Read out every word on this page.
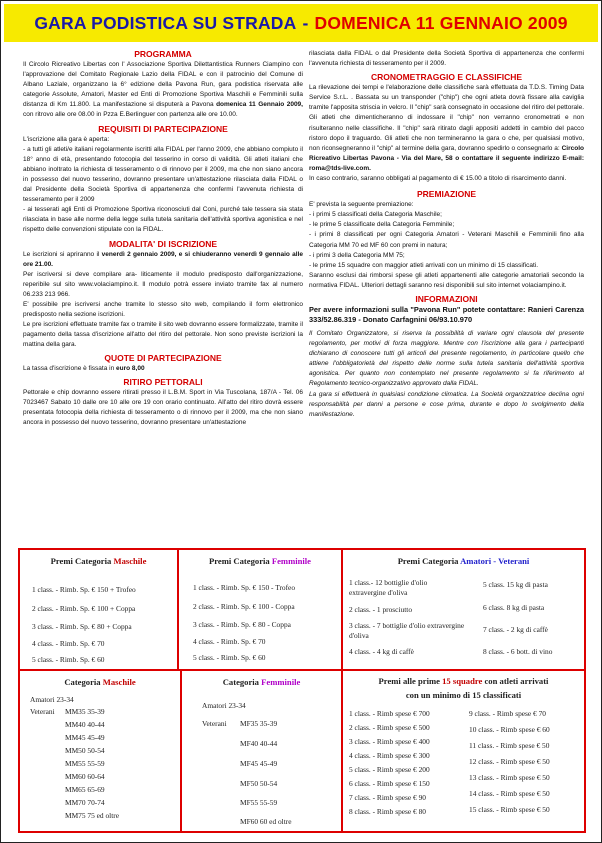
GARA PODISTICA SU STRADA - DOMENICA 11 GENNAIO 2009

PROGRAMMA

Il Circolo Ricreativo Libertas con l' Associazione Sportiva Dilettantistica Runners Ciampino con l'approvazione del Comitato Regionale Lazio della FIDAL e con il patrocinio del Comune di Albano Laziale, organizzano la 6° edizione della Pavona Run, gara podistica riservata alle categorie Assolute, Amatori, Master ed Enti di Promozione Sportiva Maschili e Femminili sulla distanza di Km 11.800. La manifestazione si disputerà a Pavona domenica 11 Gennaio 2009, con ritrovo alle ore 08.00 in Pzza E.Berlinguer con partenza alle ore 10.00.

REQUISITI DI PARTECIPAZIONE

L'iscrizione alla gara è aperta:
- a tutti gli atleti/e italiani regolarmente iscritti alla FIDAL per l'anno 2009, che abbiano compiuto il 18° anno di età, presentando fotocopia del tesserino in corso di validità. Gli atleti italiani che abbiano inoltrato la richiesta di tesseramento o di rinnovo per il 2009, ma che non siano ancora in possesso del nuovo tesserino, dovranno presentare un'attestazione rilasciata dalla FIDAL o dal Presidente della Società Sportiva di appartenenza che confermi l'avvenuta richiesta di tesseramento per il 2009
- ai tesserati agli Enti di Promozione Sportiva riconosciuti dal Coni, purché tale tessera sia stata rilasciata in base alle norme della legge sulla tutela sanitaria dell'attività sportiva agonistica e nel rispetto delle convenzioni stipulate con la FIDAL.

MODALITA' DI ISCRIZIONE

Le iscrizioni si apriranno il venerdì 2 gennaio 2009, e si chiuderanno venerdì 9 gennaio alle ore 21.00.

Per iscriversi si deve compilare ara- liticamente il modulo predisposto dall'organizzazione, reperibile sul sito www.volaciampino.it. Il modulo potrà essere inviato tramite fax al numero 06.233 213 966.
E' possibile pre iscriversi anche tramite lo stesso sito web, compilando il form elettronico predisposto nella sezione iscrizioni.
Le pre iscrizioni effettuate tramite fax o tramite il sito web dovranno essere formalizzate, tramite il pagamento della tassa d'iscrizione all'atto del ritiro del pettorale. Non sono previste iscrizioni la mattina della gara.

QUOTE DI PARTECIPAZIONE

La tassa d'iscrizione è fissata in euro 8,00

RITIRO PETTORALI

Pettorale e chip dovranno essere ritirati presso il L.B.M. Sport in Via Tuscolana, 187/A - Tel. 06 7023467 Sabato 10 dalle ore 10 alle ore 19 con orario continuato. All'atto del ritiro dovrà essere presentata fotocopia della richiesta di tesseramento o di rinnovo per il 2009, ma che non siano ancora in possesso del nuovo tesserino, dovranno presentare un'attestazione

rilasciata dalla FIDAL o dal Presidente della Società Sportiva di appartenenza che confermi l'avvenuta richiesta di tesseramento per il 2009.

CRONOMETRAGGIO E CLASSIFICHE

La rilevazione dei tempi e l'elaborazione delle classifiche sarà effettuata da T.D.S. Timing Data Service S.r.L. . Bassata su un transponder ("chip") che ogni atleta dovrà fissare alla caviglia tramite l'apposita striscia in velcro. Il "chip" sarà consegnato in occasione del ritiro del pettorale. Gli atleti che dimenticheranno di indossare il "chip" non verranno cronometrati e non risulteranno nelle classifiche. Il "chip" sarà ritirato dagli appositi addetti in cambio del pacco ristoro dopo il traguardo. Gli atleti che non termineranno la gara o che, per qualsiasi motivo, non riconsegneranno il "chip" al termine della gara, dovranno spedirlo o consegnarlo a: Circolo Ricreativo Libertas Pavona - Via del Mare, 58 o contattare il seguente indirizzo E-mail: roma@tds-live.com.

In caso contrario, saranno obbligati al pagamento di € 15.00 a titolo di risarcimento danni.

PREMIAZIONE

E' prevista la seguente premiazione:
- i primi 5 classificati della Categoria Maschile;
- le prime 5 classificate della Categoria Femminile;
- i primi 8 classificati per ogni Categoria Amatori - Veterani Maschili e Femminili fino alla Categoria MM 70 ed MF 60 con premi in natura;
- i primi 3 della Categoria MM 75;
- le prime 15 squadre con maggior atleti arrivati con un minimo di 15 classificati.
Saranno esclusi dai rimborsi spese gli atleti appartenenti alle categorie amatoriali secondo la normativa FIDAL. Ulteriori dettagli saranno resi disponibili sul sito internet volaciampino.it.

INFORMAZIONI

Per avere informazioni sulla "Pavona Run" potete contattare: Ranieri Carenza 333/52.86.319 - Donato Carfagnini 06/93.10.970

Il Comitato Organizzatore, si riserva la possibilità di variare ogni clausola del presente regolamento, per motivi di forza maggiore. Mentre con l'iscrizione alla gara i partecipanti dichiarano di conoscere tutti gli articoli del presente regolamento, in particolare quello che attiene l'obbligatorietà del rispetto delle norme sulla tutela sanitaria dell'attività sportiva agonistica. Per quanto non contemplato nel presente regolamento si fa riferimento al Regolamento tecnico-organizzativo approvato dalla FIDAL.
La gara si effettuerà in qualsiasi condizione climatica. La Società organizzatrice declina ogni responsabilità per danni a persone e cose prima, durante e dopo lo svolgimento della manifestazione.

Premi Categoria Maschile
1 class. - Rimb. Sp. € 150 + Trofeo
2 class. - Rimb. Sp. € 100 + Coppa
3 class. - Rimb. Sp. € 80 + Coppa
4 class. - Rimb. Sp. € 70
5 class. - Rimb. Sp. € 60
Premi Categoria Femminile
1 class. - Rimb. Sp. € 150 - Trofeo
2 class. - Rimb. Sp. € 100 - Coppa
3 class. - Rimb. Sp. € 80 - Coppa
4 class. - Rimb. Sp. € 70
5 class. - Rimb. Sp. € 60
Premi Categoria Amatori - Veterani
1 class.- 12 bottiglie d'olio extravergine d'oliva
2 class. - 1 prosciutto
3 class. - 7 bottiglie d'olio extravergine d'oliva
4 class. - 4 kg di caffè
5 class. 15 kg di pasta
6 class. 8 kg di pasta
7 class. - 2 kg di caffè
8 class. - 6 bott. di vino
Categoria Maschile
Amatori 23-34
Veterani MM35 35-39
MM40 40-44
MM45 45-49
MM50 50-54
MM55 55-59
MM60 60-64
MM65 65-69
MM70 70-74
MM75 75 ed oltre
Categoria Femminile
Amatori 23-34
Veterani MF35 35-39
MF40 40-44
MF45 45-49
MF50 50-54
MF55 55-59
MF60 60 ed oltre
Premi alle prime 15 squadre con atleti arrivati
con un minimo di 15 classificati
1 class. - Rimb spese € 700
2 class. - Rimb spese € 500
3 class. - Rimb spese € 400
4 class. - Rimb spese € 300
5 class. - Rimb spese € 200
6 class. - Rimb spese € 150
7 class. - Rimb spese € 90
8 class. - Rimb spese € 80
9 class. - Rimb spese € 70
10 class. - Rimb spese € 60
11 class. - Rimb spese € 50
12 class. - Rimb spese € 50
13 class. - Rimb spese € 50
14 class. - Rimb spese € 50
15 class. - Rimb spese € 50
